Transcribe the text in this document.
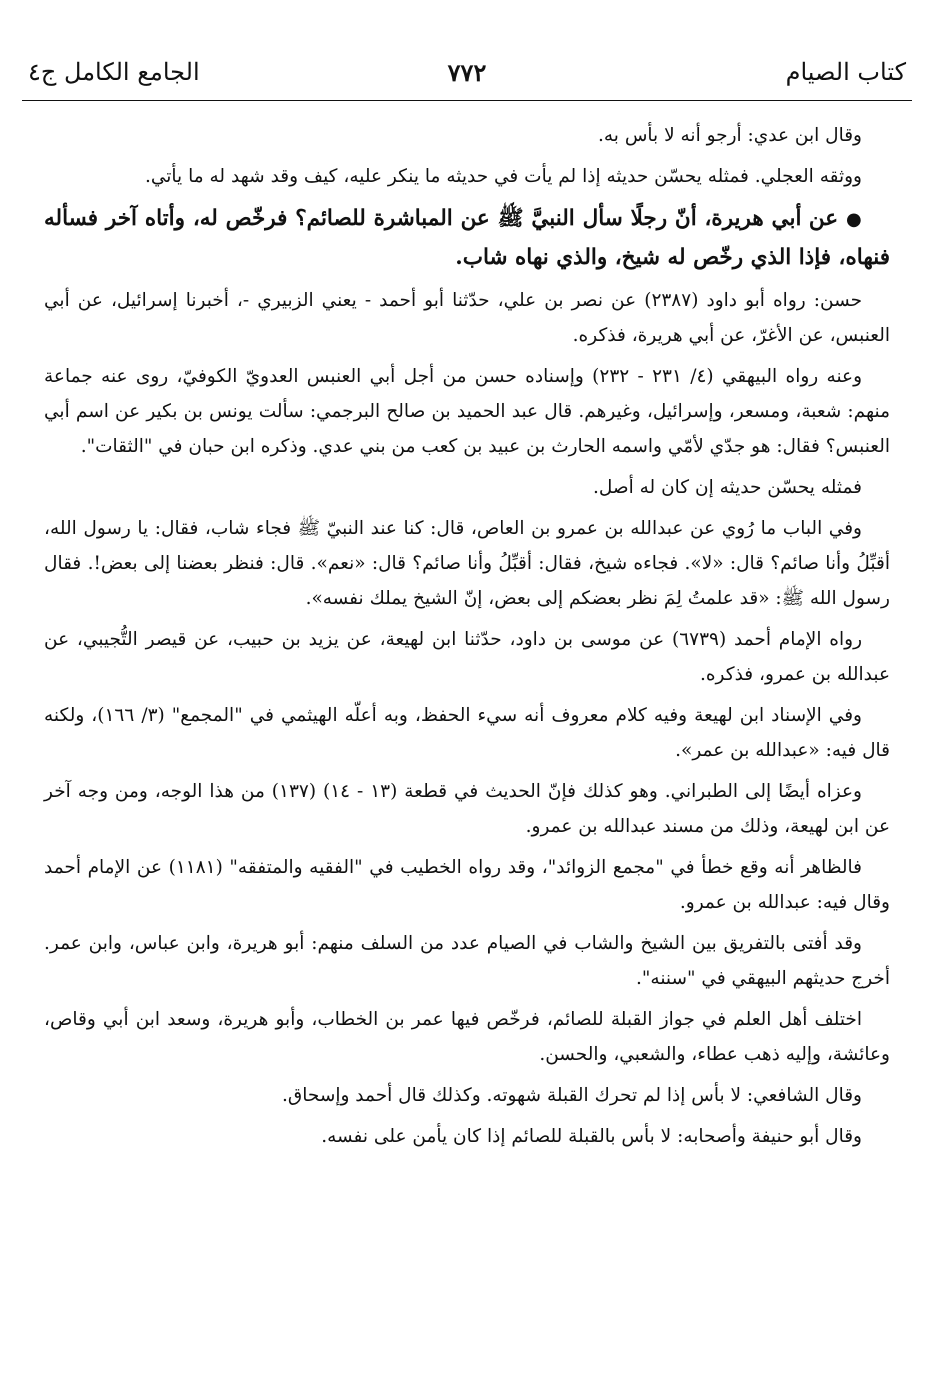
كتاب الصيام
٧٧٢
الجامع الكامل ج٤

وقال ابن عدي: أرجو أنه لا بأس به.

ووثقه العجلي. فمثله يحسّن حديثه إذا لم يأت في حديثه ما ينكر عليه، كيف وقد شهد له ما يأتي.

● عن أبي هريرة، أنّ رجلًا سأل النبيَّ ﷺ عن المباشرة للصائم؟ فرخّص له، وأتاه آخر فسأله فنهاه، فإذا الذي رخّص له شيخ، والذي نهاه شاب.

حسن: رواه أبو داود (٢٣٨٧) عن نصر بن علي، حدّثنا أبو أحمد - يعني الزبيري -، أخبرنا إسرائيل، عن أبي العنبس، عن الأغرّ، عن أبي هريرة، فذكره.

وعنه رواه البيهقي (٤/ ٢٣١ - ٢٣٢) وإسناده حسن من أجل أبي العنبس العدويّ الكوفيّ، روى عنه جماعة منهم: شعبة، ومسعر، وإسرائيل، وغيرهم. قال عبد الحميد بن صالح البرجمي: سألت يونس بن بكير عن اسم أبي العنبس؟ فقال: هو جدّي لأمّي واسمه الحارث بن عبيد بن كعب من بني عدي. وذكره ابن حبان في "الثقات".

فمثله يحسّن حديثه إن كان له أصل.

وفي الباب ما رُوي عن عبدالله بن عمرو بن العاص، قال: كنا عند النبيّ ﷺ فجاء شاب، فقال: يا رسول الله، أقبِّلُ وأنا صائم؟ قال: «لا». فجاءه شيخ، فقال: أقبِّلُ وأنا صائم؟ قال: «نعم». قال: فنظر بعضنا إلى بعض!. فقال رسول الله ﷺ: «قد علمتُ لِمَ نظر بعضكم إلى بعض، إنّ الشيخ يملك نفسه».

رواه الإمام أحمد (٦٧٣٩) عن موسى بن داود، حدّثنا ابن لهيعة، عن يزيد بن حبيب، عن قيصر التُّجيبي، عن عبدالله بن عمرو، فذكره.

وفي الإسناد ابن لهيعة وفيه كلام معروف أنه سيء الحفظ، وبه أعلّه الهيثمي في "المجمع" (٣/ ١٦٦)، ولكنه قال فيه: «عبدالله بن عمر».

وعزاه أيضًا إلى الطبراني. وهو كذلك فإنّ الحديث في قطعة (١٣ - ١٤) (١٣٧) من هذا الوجه، ومن وجه آخر عن ابن لهيعة، وذلك من مسند عبدالله بن عمرو.

فالظاهر أنه وقع خطأ في "مجمع الزوائد"، وقد رواه الخطيب في "الفقيه والمتفقه" (١١٨١) عن الإمام أحمد وقال فيه: عبدالله بن عمرو.

وقد أفتى بالتفريق بين الشيخ والشاب في الصيام عدد من السلف منهم: أبو هريرة، وابن عباس، وابن عمر. أخرج حديثهم البيهقي في "سننه".

اختلف أهل العلم في جواز القبلة للصائم، فرخّص فيها عمر بن الخطاب، وأبو هريرة، وسعد ابن أبي وقاص، وعائشة، وإليه ذهب عطاء، والشعبي، والحسن.

وقال الشافعي: لا بأس إذا لم تحرك القبلة شهوته. وكذلك قال أحمد وإسحاق.

وقال أبو حنيفة وأصحابه: لا بأس بالقبلة للصائم إذا كان يأمن على نفسه.
